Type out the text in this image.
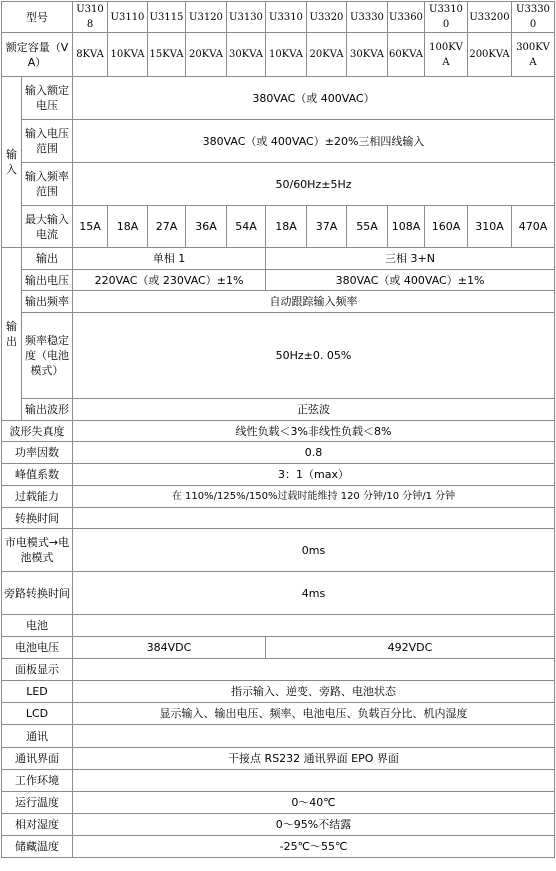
型号		U3108	U3110	U3115	U3120	U3130	U3310	U3320	U3330	U3360	U33100	U33200	U33300
额定容量（VA）		8KVA	10KVA	15KVA	20KVA	30KVA	10KVA	20KVA	30KVA	60KVA	100KVA	200KVA	300KVA
输入	输入额定电压	380VAC（或 400VAC）											
	输入电压范围	380VAC（或 400VAC）±20%三相四线输入											
	输入频率范围	50/60Hz±5Hz											
	最大输入电流	15A	18A	27A	36A	54A	18A	37A	55A	108A	160A	310A	470A
输出	输出	单相 1					三相 3+N						
	输出电压	220VAC（或 230VAC）±1%					380VAC（或 400VAC）±1%						
	输出频率	自动跟踪输入频率											
	频率稳定度（电池模式）	50Hz±0. 05%											
	输出波形	正弦波											
波形失真度		线性负载＜3%非线性负载＜8%											
功率因数		0.8											
峰值系数		3：1（max）											
过载能力		在 110%/125%/150%过载时能维持 120 分钟/10 分钟/1 分钟											
转换时间													
市电模式→电池模式		0ms											
旁路转换时间		4ms											
电池													
电池电压		384VDC					492VDC						
面板显示													
LED		指示输入、逆变、旁路、电池状态											
LCD		显示输入、输出电压、频率、电池电压、负载百分比、机内湿度											
通讯													
通讯界面		干接点 RS232 通讯界面 EPO 界面											
工作环境													
运行温度		0～40℃											
相对湿度		0～95%不结露											
储藏温度		-25℃～55℃											
